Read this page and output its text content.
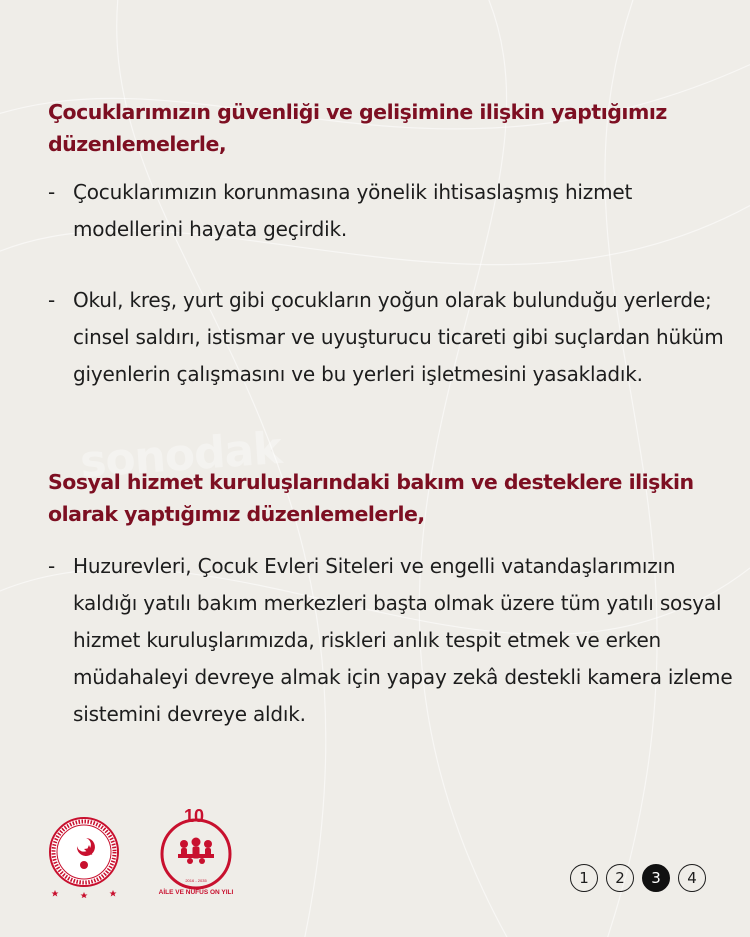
sonodak
Çocuklarımızın güvenliği ve gelişimine ilişkin yaptığımız düzenlemelerle,

- Çocuklarımızın korunmasına yönelik ihtisaslaşmış hizmet modellerini hayata geçirdik.

- Okul, kreş, yurt gibi çocukların yoğun olarak bulunduğu yerlerde; cinsel saldırı, istismar ve uyuşturucu ticareti gibi suçlardan hüküm giyenlerin çalışmasını ve bu yerleri işletmesini yasakladık.

Sosyal hizmet kuruluşlarındaki bakım ve desteklere ilişkin olarak yaptığımız düzenlemelerle,

- Huzurevleri, Çocuk Evleri Siteleri ve engelli vatandaşlarımızın kaldığı yatılı bakım merkezleri başta olmak üzere tüm yatılı sosyal hizmet kuruluşlarımızda, riskleri anlık tespit etmek ve erken müdahaleyi devreye almak için yapay zekâ destekli kamera izleme sistemini devreye aldık.

AİLE VE NÜFUS ON YILI
2016 - 2035
10
1	2	3	4
